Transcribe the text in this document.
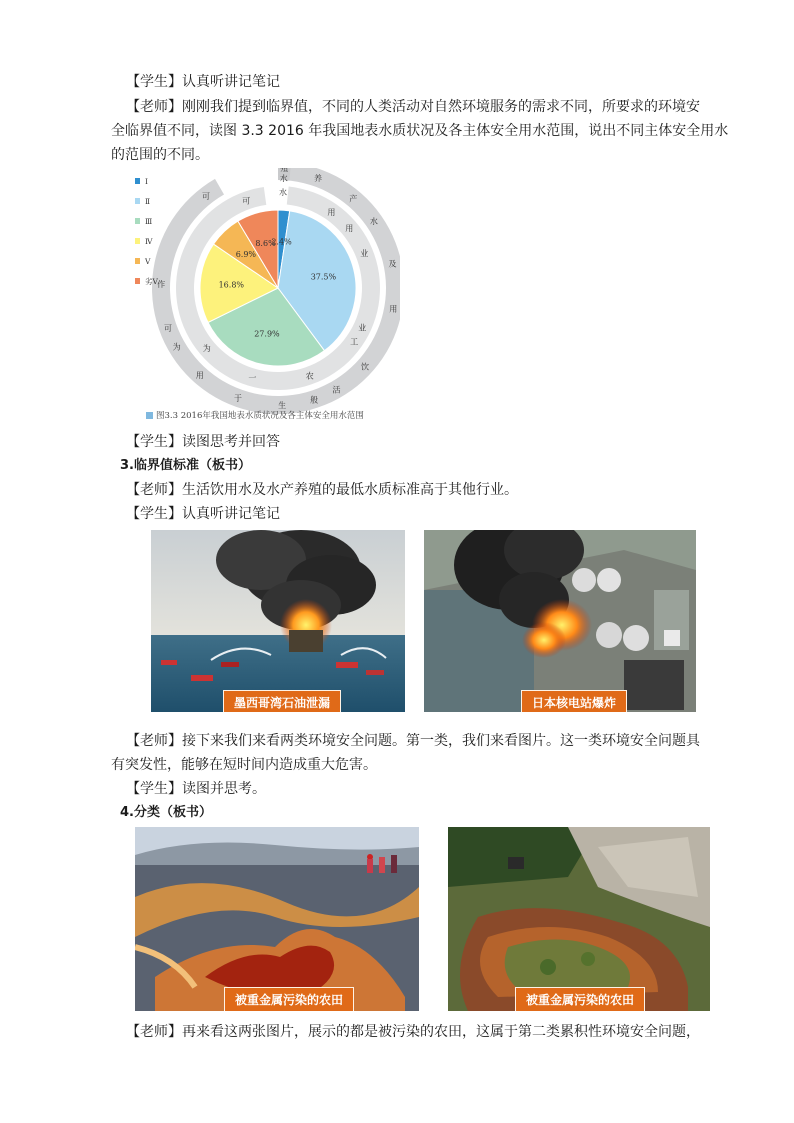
【学生】认真听讲记笔记
【老师】刚刚我们提到临界值，不同的人类活动对自然环境服务的需求不同，所要求的环境安
全临界值不同，读图 3.3 2016 年我国地表水质状况及各主体安全用水范围，说出不同主体安全用水
的范围的不同。
2.4%
37.5%
27.9%
16.8%
6.9%
8.6%
殖
水
水
养
用
产
水
用
业
及
用
业
工
饮
农
活
般
生
一
于
用
为
为
可
作
可
可
Ⅰ
Ⅱ
Ⅲ
Ⅳ
Ⅴ
劣Ⅴ
图3.3 2016年我国地表水质状况及各主体安全用水范围
【学生】读图思考并回答
3.临界值标准（板书）
【老师】生活饮用水及水产养殖的最低水质标准高于其他行业。
【学生】认真听讲记笔记
墨西哥湾石油泄漏	日本核电站爆炸
【老师】接下来我们来看两类环境安全问题。第一类，我们来看图片。这一类环境安全问题具
有突发性，能够在短时间内造成重大危害。
【学生】读图并思考。
4.分类（板书）
被重金属污染的农田	被重金属污染的农田
【老师】再来看这两张图片，展示的都是被污染的农田，这属于第二类累积性环境安全问题，
